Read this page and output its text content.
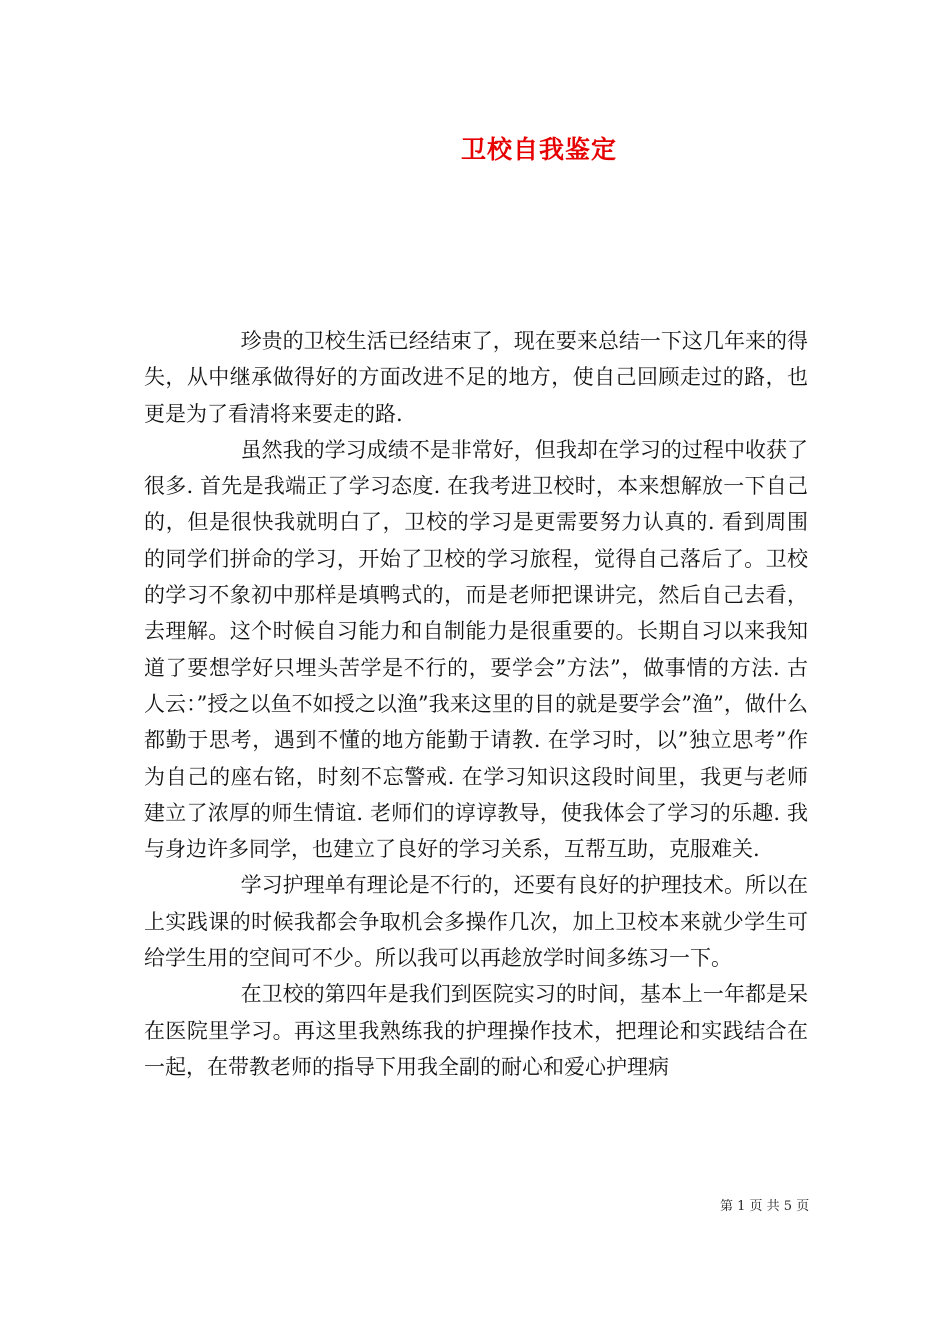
卫校自我鉴定

珍贵的卫校生活已经结束了，现在要来总结一下这几年来的得失，从中继承做得好的方面改进不足的地方，使自己回顾走过的路，也更是为了看清将来要走的路.

虽然我的学习成绩不是非常好，但我却在学习的过程中收获了很多. 首先是我端正了学习态度. 在我考进卫校时，本来想解放一下自己的，但是很快我就明白了，卫校的学习是更需要努力认真的. 看到周围的同学们拼命的学习，开始了卫校的学习旅程，觉得自己落后了。卫校的学习不象初中那样是填鸭式的，而是老师把课讲完，然后自己去看，去理解。这个时候自习能力和自制能力是很重要的。长期自习以来我知道了要想学好只埋头苦学是不行的，要学会”方法”，做事情的方法. 古人云：”授之以鱼不如授之以渔”我来这里的目的就是要学会”渔”，做什么都勤于思考，遇到不懂的地方能勤于请教. 在学习时，以”独立思考”作为自己的座右铭，时刻不忘警戒. 在学习知识这段时间里，我更与老师建立了浓厚的师生情谊. 老师们的谆谆教导，使我体会了学习的乐趣. 我与身边许多同学，也建立了良好的学习关系，互帮互助，克服难关.

学习护理单有理论是不行的，还要有良好的护理技术。所以在上实践课的时候我都会争取机会多操作几次，加上卫校本来就少学生可给学生用的空间可不少。所以我可以再趁放学时间多练习一下。

在卫校的第四年是我们到医院实习的时间，基本上一年都是呆在医院里学习。再这里我熟练我的护理操作技术，把理论和实践结合在一起，在带教老师的指导下用我全副的耐心和爱心护理病

第 1 页 共 5 页
